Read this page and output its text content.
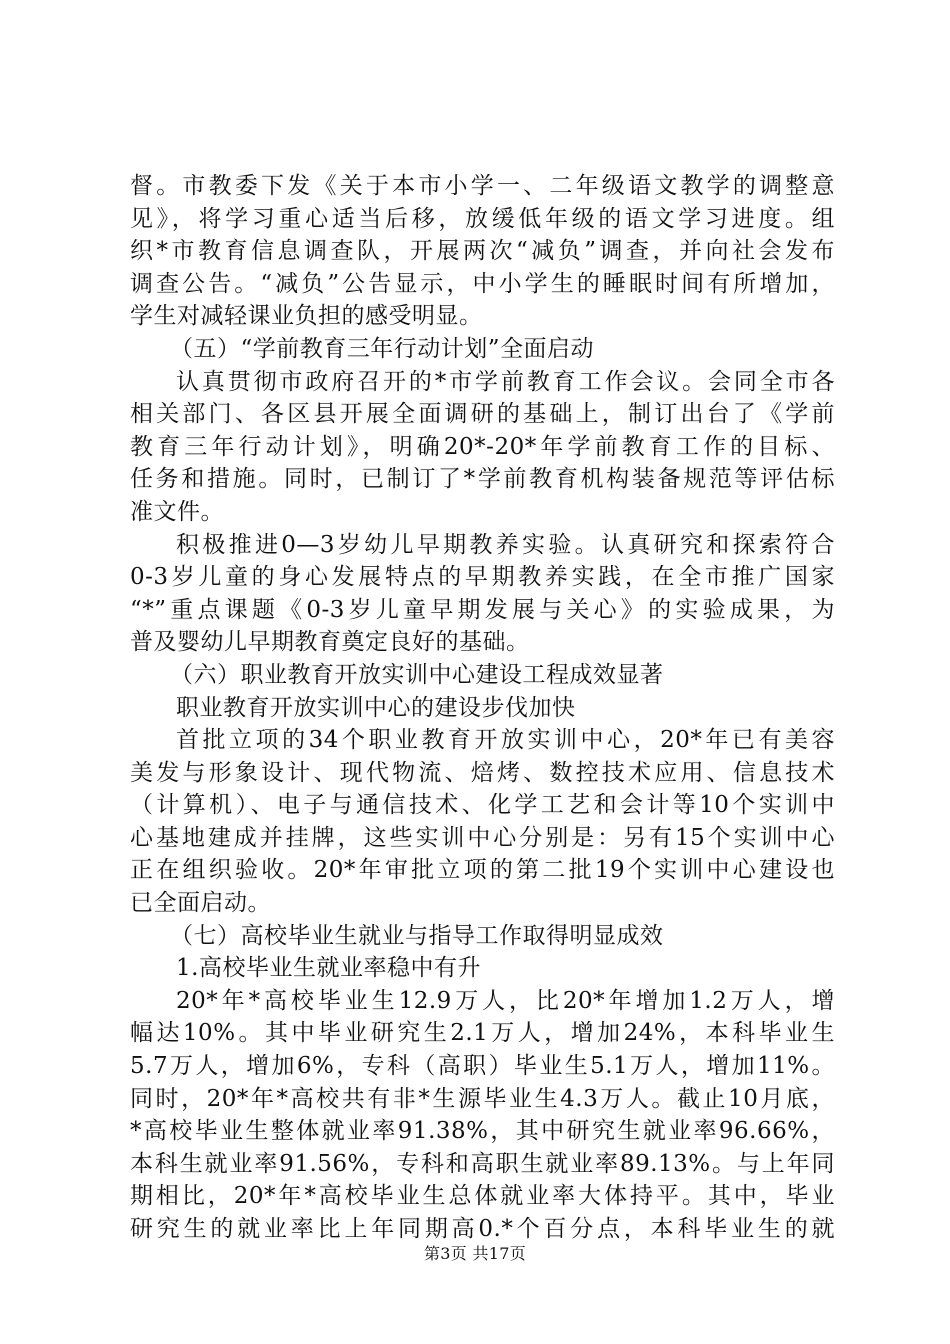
督。市教委下发《关于本市小学一、二年级语文教学的调整意
见》，将学习重心适当后移，放缓低年级的语文学习进度。组
织*市教育信息调查队，开展两次“减负”调查，并向社会发布
调查公告。“减负”公告显示，中小学生的睡眠时间有所增加，
学生对减轻课业负担的感受明显。
（五）“学前教育三年行动计划”全面启动
认真贯彻市政府召开的*市学前教育工作会议。会同全市各
相关部门、各区县开展全面调研的基础上，制订出台了《学前
教育三年行动计划》，明确20*-20*年学前教育工作的目标、
任务和措施。同时，已制订了*学前教育机构装备规范等评估标
准文件。
积极推进0—3岁幼儿早期教养实验。认真研究和探索符合
0-3岁儿童的身心发展特点的早期教养实践，在全市推广国家
“*”重点课题《0-3岁儿童早期发展与关心》的实验成果，为
普及婴幼儿早期教育奠定良好的基础。
（六）职业教育开放实训中心建设工程成效显著
职业教育开放实训中心的建设步伐加快
首批立项的34个职业教育开放实训中心，20*年已有美容
美发与形象设计、现代物流、焙烤、数控技术应用、信息技术
（计算机）、电子与通信技术、化学工艺和会计等10个实训中
心基地建成并挂牌，这些实训中心分别是：另有15个实训中心
正在组织验收。20*年审批立项的第二批19个实训中心建设也
已全面启动。
（七）高校毕业生就业与指导工作取得明显成效
1.高校毕业生就业率稳中有升
20*年*高校毕业生12.9万人，比20*年增加1.2万人，增
幅达10%。其中毕业研究生2.1万人，增加24%，本科毕业生
5.7万人，增加6%，专科（高职）毕业生5.1万人，增加11%。
同时，20*年*高校共有非*生源毕业生4.3万人。截止10月底，
*高校毕业生整体就业率91.38%，其中研究生就业率96.66%，
本科生就业率91.56%，专科和高职生就业率89.13%。与上年同
期相比，20*年*高校毕业生总体就业率大体持平。其中，毕业
研究生的就业率比上年同期高0.*个百分点，本科毕业生的就
第3页 共17页
